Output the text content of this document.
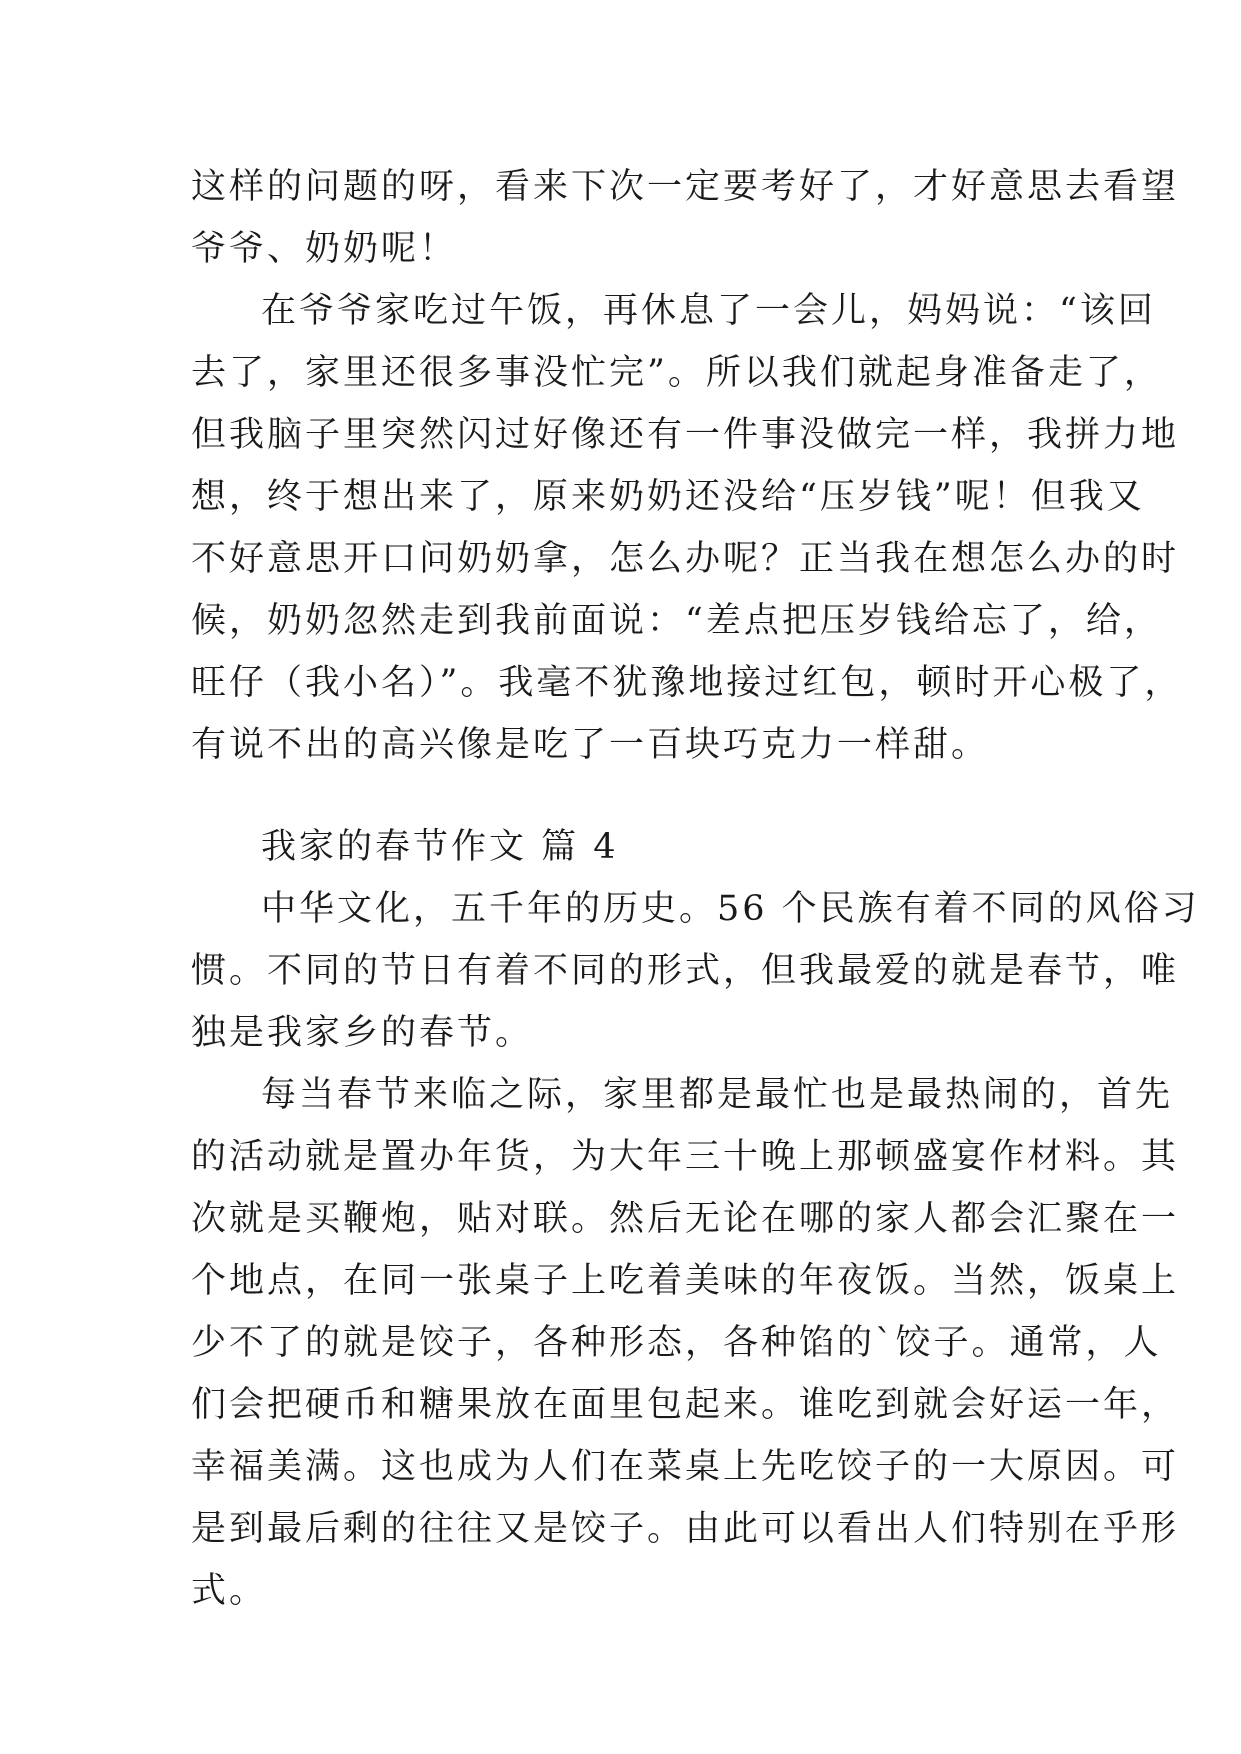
这样的问题的呀，看来下次一定要考好了，才好意思去看望
爷爷、奶奶呢！
在爷爷家吃过午饭，再休息了一会儿，妈妈说：“该回
去了，家里还很多事没忙完”。所以我们就起身准备走了，
但我脑子里突然闪过好像还有一件事没做完一样，我拼力地
想，终于想出来了，原来奶奶还没给“压岁钱”呢！但我又
不好意思开口问奶奶拿，怎么办呢？正当我在想怎么办的时
候，奶奶忽然走到我前面说：“差点把压岁钱给忘了，给，
旺仔（我小名）”。我毫不犹豫地接过红包，顿时开心极了，
有说不出的高兴像是吃了一百块巧克力一样甜。
我家的春节作文 篇 4
中华文化，五千年的历史。56 个民族有着不同的风俗习
惯。不同的节日有着不同的形式，但我最爱的就是春节，唯
独是我家乡的春节。
每当春节来临之际，家里都是最忙也是最热闹的，首先
的活动就是置办年货，为大年三十晚上那顿盛宴作材料。其
次就是买鞭炮，贴对联。然后无论在哪的家人都会汇聚在一
个地点，在同一张桌子上吃着美味的年夜饭。当然，饭桌上
少不了的就是饺子，各种形态，各种馅的`饺子。通常，人
们会把硬币和糖果放在面里包起来。谁吃到就会好运一年，
幸福美满。这也成为人们在菜桌上先吃饺子的一大原因。可
是到最后剩的往往又是饺子。由此可以看出人们特别在乎形
式。
